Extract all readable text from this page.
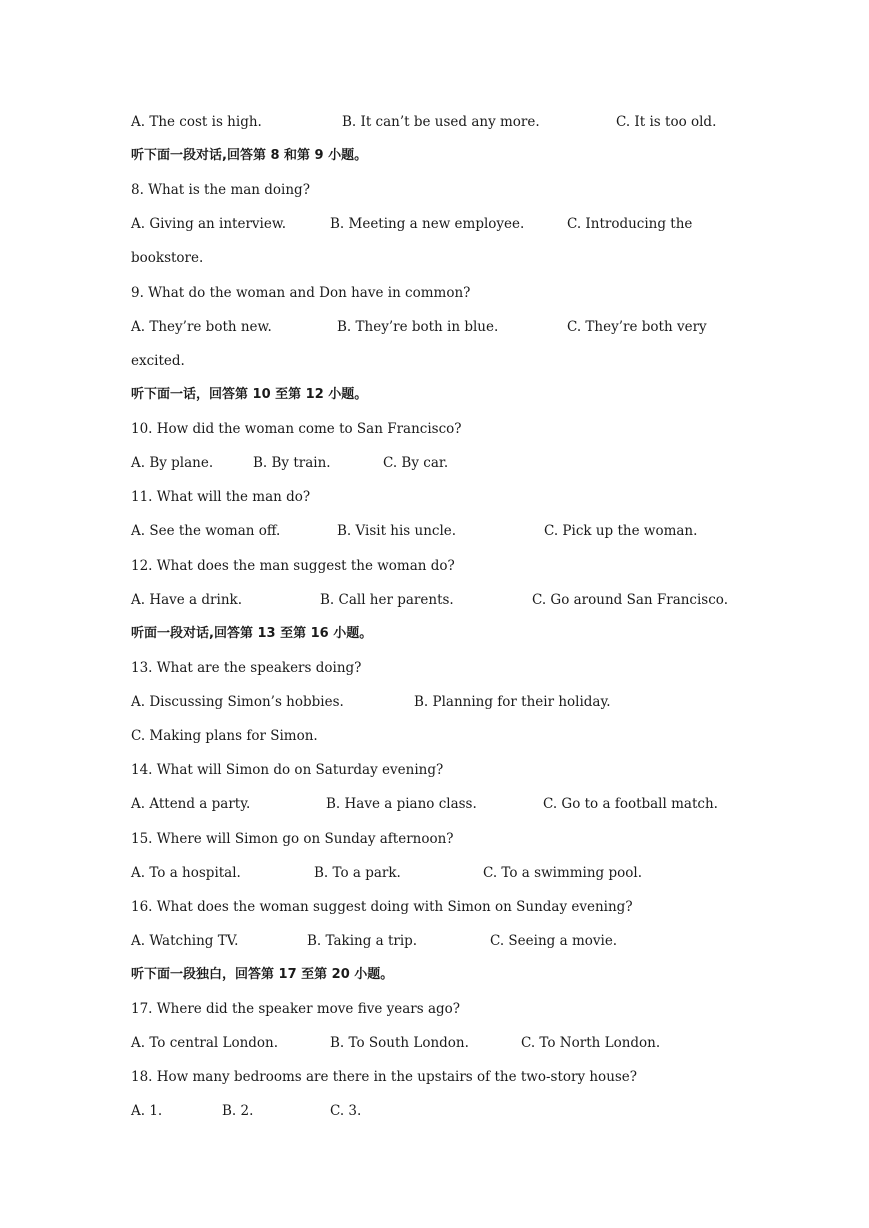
A. The cost is high.	B. It can’t be used any more.	C. It is too old.
听下面一段对话,回答第 8 和第 9 小题。
8. What is the man doing?
A. Giving an interview.	B. Meeting a new employee.	C. Introducing the
bookstore.
9. What do the woman and Don have in common?
A. They’re both new.	B. They’re both in blue.	C. They’re both very
excited.
听下面一话，回答第 10 至第 12 小题。
10. How did the woman come to San Francisco?
A. By plane.	B. By train.	C. By car.
11. What will the man do?
A. See the woman off.	B. Visit his uncle.	C. Pick up the woman.
12. What does the man suggest the woman do?
A. Have a drink.	B. Call her parents.	C. Go around San Francisco.
听面一段对话,回答第 13 至第 16 小题。
13. What are the speakers doing?
A. Discussing Simon’s hobbies.	B. Planning for their holiday.
C. Making plans for Simon.
14. What will Simon do on Saturday evening?
A. Attend a party.	B. Have a piano class.	C. Go to a football match.
15. Where will Simon go on Sunday afternoon?
A. To a hospital.	B. To a park.	C. To a swimming pool.
16. What does the woman suggest doing with Simon on Sunday evening?
A. Watching TV.	B. Taking a trip.	C. Seeing a movie.
听下面一段独白，回答第 17 至第 20 小题。
17. Where did the speaker move five years ago?
A. To central London.	B. To South London.	C. To North London.
18. How many bedrooms are there in the upstairs of the two-story house?
A. 1.	B. 2.	C. 3.
